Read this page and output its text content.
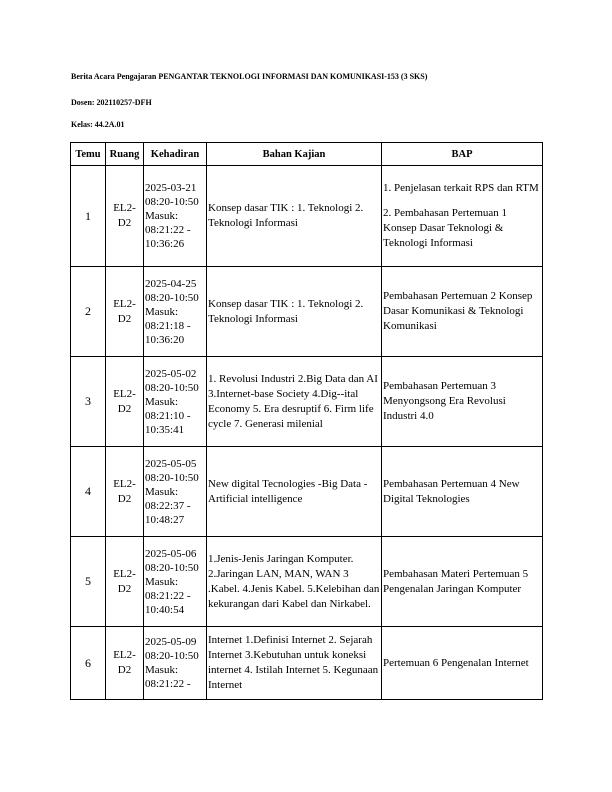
Berita Acara Pengajaran PENGANTAR TEKNOLOGI INFORMASI DAN KOMUNIKASI-153 (3 SKS)
Dosen: 202110257-DFH
Kelas: 44.2A.01
Temu	Ruang	Kehadiran	Bahan Kajian	BAP
1	EL2-D2	2025-03-21 08:20-10:50 Masuk: 08:21:22 - 10:36:26	Konsep dasar TIK : 1. Teknologi 2. Teknologi Informasi	1. Penjelasan terkait RPS dan RTM
2. Pembahasan Pertemuan 1 Konsep Dasar Teknologi & Teknologi Informasi

2	EL2-D2	2025-04-25 08:20-10:50 Masuk: 08:21:18 - 10:36:20	Konsep dasar TIK : 1. Teknologi 2. Teknologi Informasi	Pembahasan Pertemuan 2 Konsep Dasar Komunikasi & Teknologi Komunikasi
3	EL2-D2	2025-05-02 08:20-10:50 Masuk: 08:21:10 - 10:35:41	1. Revolusi Industri 2.Big Data dan AI 3.Internet-base Society 4.Dig--ital Economy 5. Era desruptif 6. Firm life cycle 7. Generasi milenial	Pembahasan Pertemuan 3 Menyongsong Era Revolusi Industri 4.0
4	EL2-D2	2025-05-05 08:20-10:50 Masuk: 08:22:37 - 10:48:27	New digital Tecnologies -Big Data -Artificial intelligence	Pembahasan Pertemuan 4 New Digital Teknologies
5	EL2-D2	2025-05-06 08:20-10:50 Masuk: 08:21:22 - 10:40:54	1.Jenis-Jenis Jaringan Komputer. 2.Jaringan LAN, MAN, WAN 3 .Kabel. 4.Jenis Kabel. 5.Kelebihan dan kekurangan dari Kabel dan Nirkabel.	Pembahasan Materi Pertemuan 5 Pengenalan Jaringan Komputer
6	EL2-D2	2025-05-09 08:20-10:50 Masuk: 08:21:22 -	Internet 1.Definisi Internet 2. Sejarah Internet 3.Kebutuhan untuk koneksi internet 4. Istilah Internet 5. Kegunaan Internet	Pertemuan 6 Pengenalan Internet
